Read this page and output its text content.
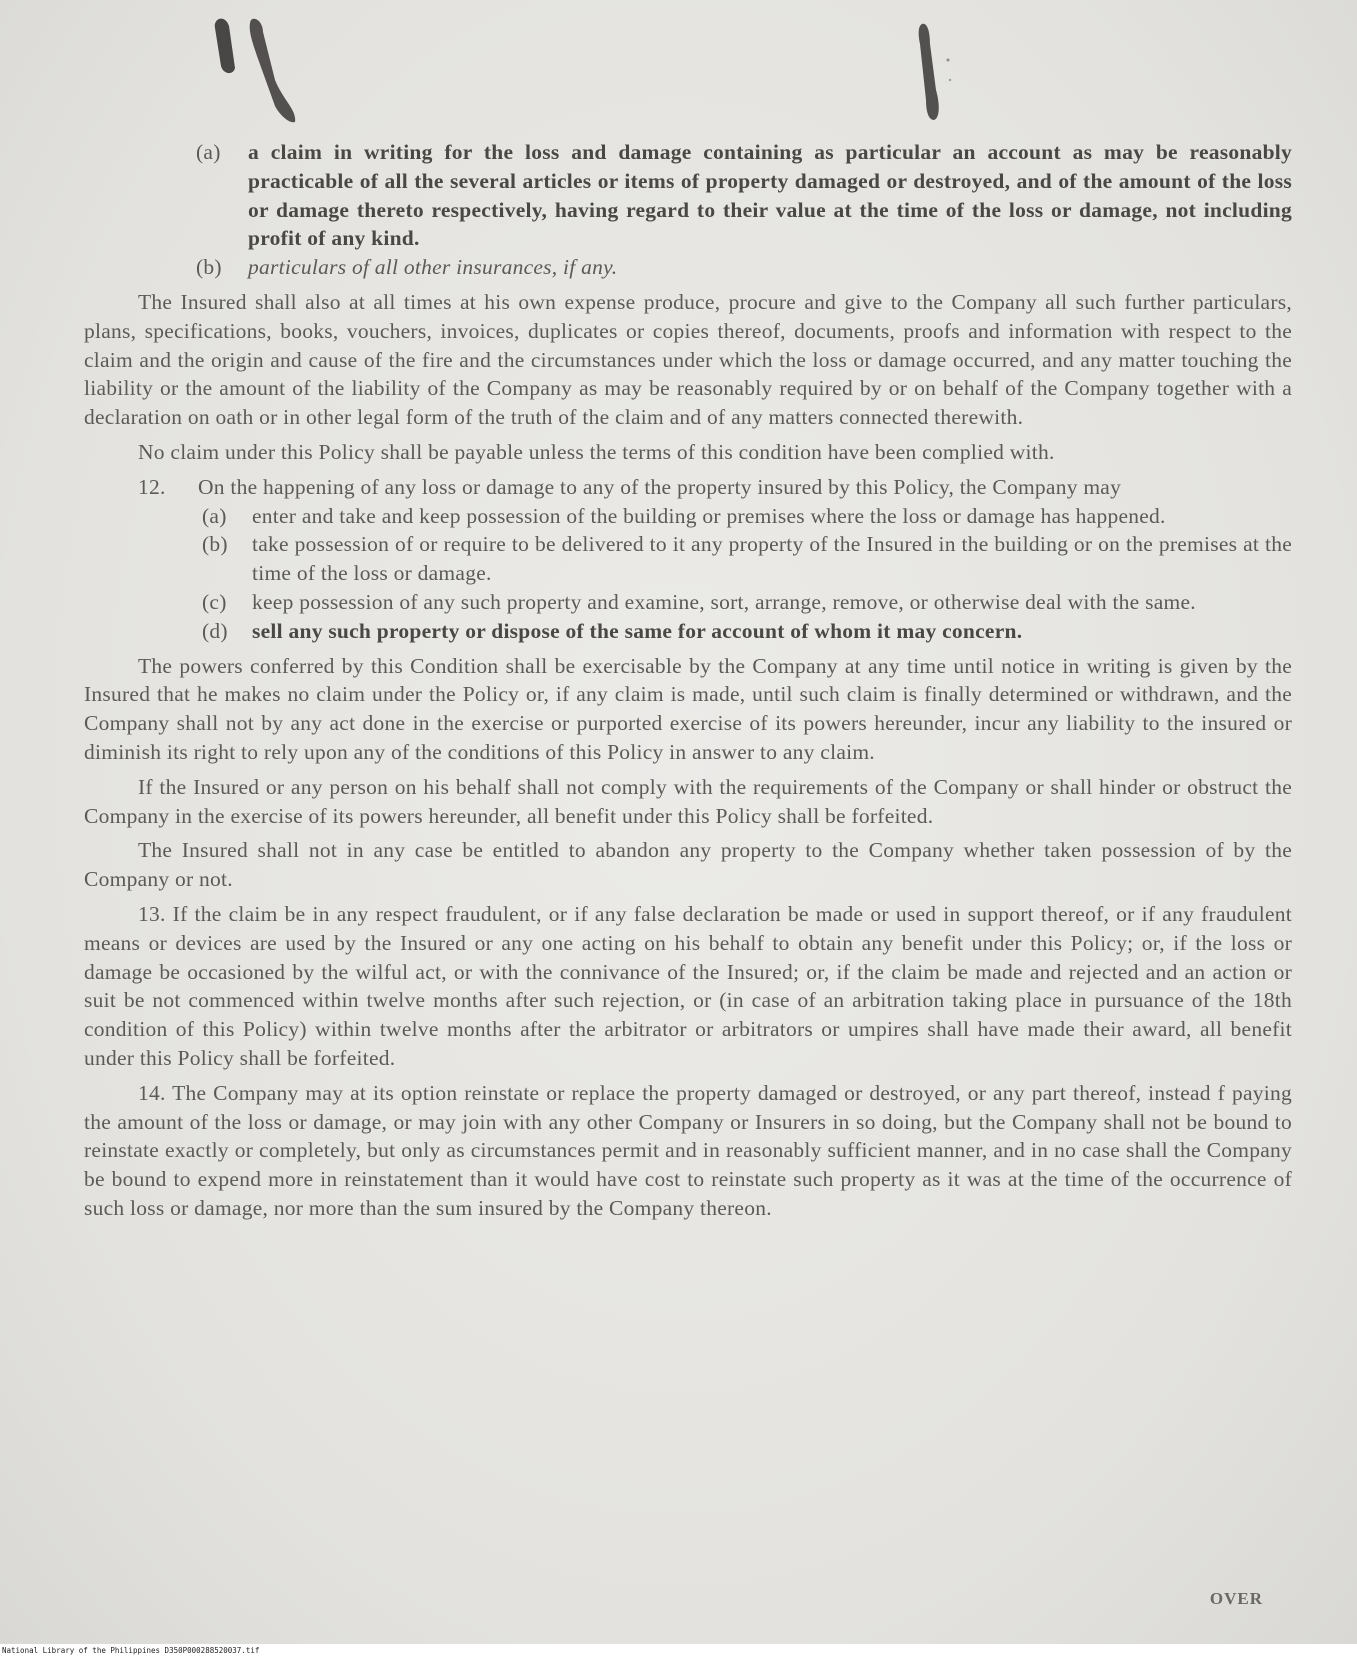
(a) a claim in writing for the loss and damage containing as particular an account as may be reasonably practicable of all the several articles or items of property damaged or destroyed, and of the amount of the loss or damage thereto respectively, having regard to their value at the time of the loss or damage, not including profit of any kind.
(b) particulars of all other insurances, if any.

The Insured shall also at all times at his own expense produce, procure and give to the Company all such further particulars, plans, specifications, books, vouchers, invoices, duplicates or copies thereof, documents, proofs and information with respect to the claim and the origin and cause of the fire and the circumstances under which the loss or damage occurred, and any matter touching the liability or the amount of the liability of the Company as may be reasonably required by or on behalf of the Company together with a declaration on oath or in other legal form of the truth of the claim and of any matters connected therewith.

No claim under this Policy shall be payable unless the terms of this condition have been complied with.

12. On the happening of any loss or damage to any of the property insured by this Policy, the Company may
(a) enter and take and keep possession of the building or premises where the loss or damage has happened.
(b) take possession of or require to be delivered to it any property of the Insured in the building or on the premises at the time of the loss or damage.
(c) keep possession of any such property and examine, sort, arrange, remove, or otherwise deal with the same.
(d) sell any such property or dispose of the same for account of whom it may concern.

The powers conferred by this Condition shall be exercisable by the Company at any time until notice in writing is given by the Insured that he makes no claim under the Policy or, if any claim is made, until such claim is finally determined or withdrawn, and the Company shall not by any act done in the exercise or purported exercise of its powers hereunder, incur any liability to the insured or diminish its right to rely upon any of the conditions of this Policy in answer to any claim.

If the Insured or any person on his behalf shall not comply with the requirements of the Company or shall hinder or obstruct the Company in the exercise of its powers hereunder, all benefit under this Policy shall be forfeited.

The Insured shall not in any case be entitled to abandon any property to the Company whether taken possession of by the Company or not.

13. If the claim be in any respect fraudulent, or if any false declaration be made or used in support thereof, or if any fraudulent means or devices are used by the Insured or any one acting on his behalf to obtain any benefit under this Policy; or, if the loss or damage be occasioned by the wilful act, or with the connivance of the Insured; or, if the claim be made and rejected and an action or suit be not commenced within twelve months after such rejection, or (in case of an arbitration taking place in pursuance of the 18th condition of this Policy) within twelve months after the arbitrator or arbitrators or umpires shall have made their award, all benefit under this Policy shall be forfeited.

14. The Company may at its option reinstate or replace the property damaged or destroyed, or any part thereof, instead f paying the amount of the loss or damage, or may join with any other Company or Insurers in so doing, but the Company shall not be bound to reinstate exactly or completely, but only as circumstances permit and in reasonably sufficient manner, and in no case shall the Company be bound to expend more in reinstatement than it would have cost to reinstate such property as it was at the time of the occurrence of such loss or damage, nor more than the sum insured by the Company thereon.

OVER
National Library of the Philippines D350P000288520037.tif
